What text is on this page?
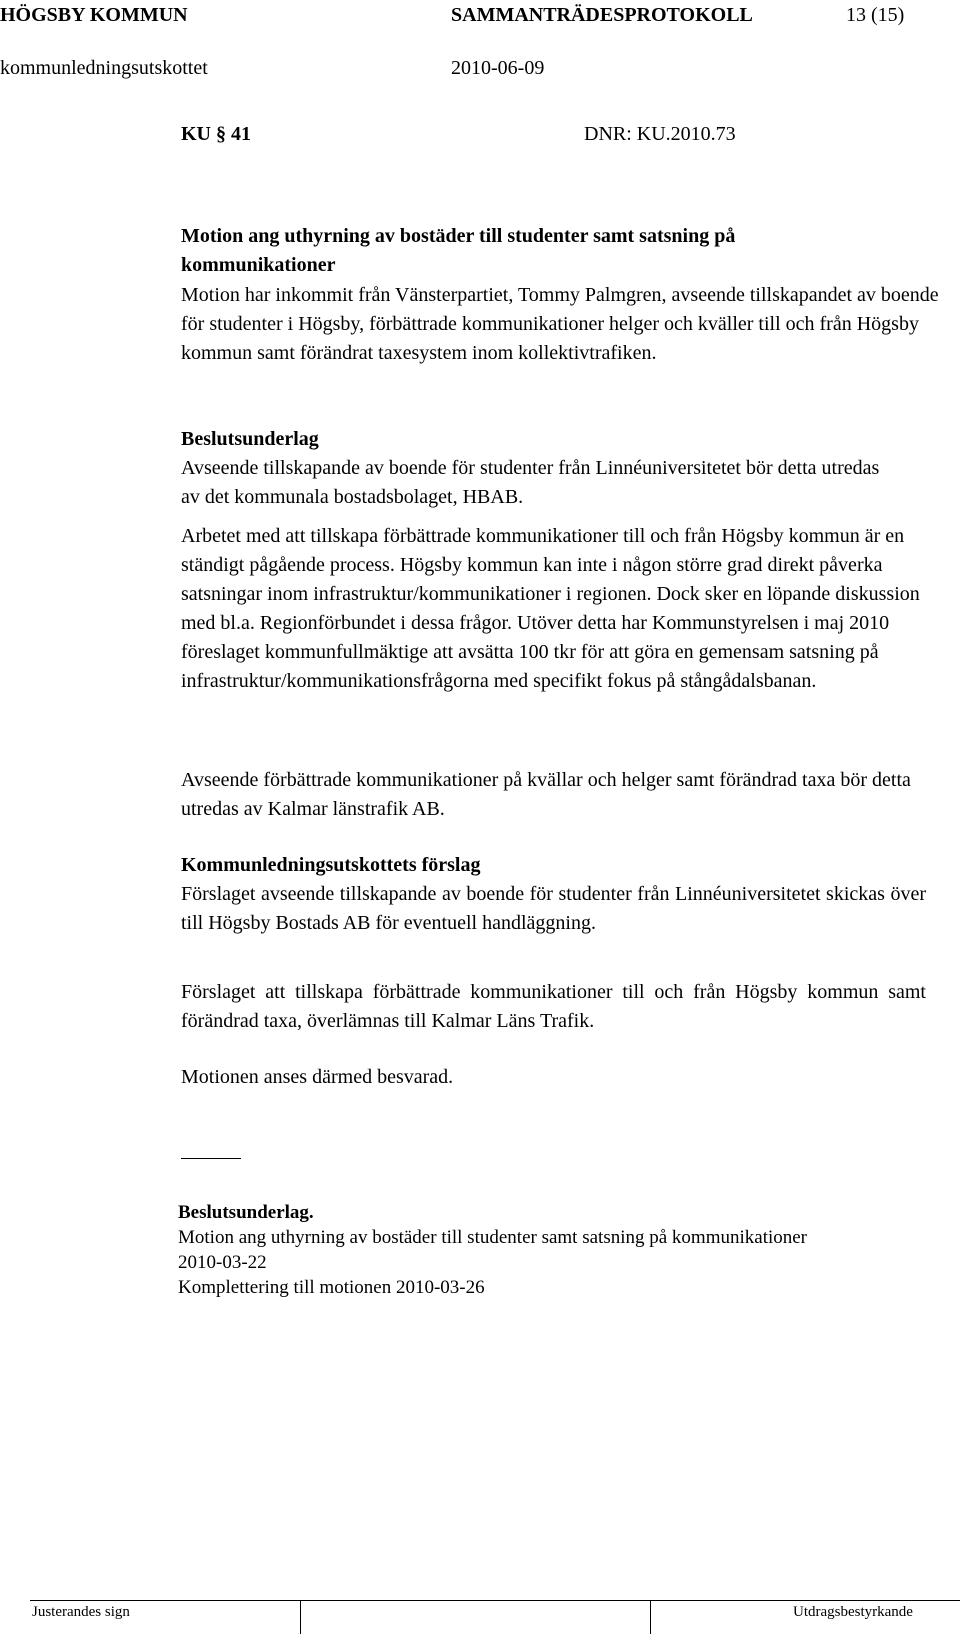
HÖGSBY KOMMUN	SAMMANTRÄDESPROTOKOLL	13 (15)
kommunledningsutskottet	2010-06-09
KU § 41	DNR: KU.2010.73
Motion ang uthyrning av bostäder till studenter samt satsning på kommunikationer
Motion har inkommit från Vänsterpartiet, Tommy Palmgren, avseende tillskapandet av boende för studenter i Högsby, förbättrade kommunikationer helger och kväller till och från Högsby kommun samt förändrat taxesystem inom kollektivtrafiken.
Beslutsunderlag
Avseende tillskapande av boende för studenter från Linnéuniversitetet bör detta utredas av det kommunala bostadsbolaget, HBAB.
Arbetet med att tillskapa förbättrade kommunikationer till och från Högsby kommun är en ständigt pågående process. Högsby kommun kan inte i någon större grad direkt påverka satsningar inom infrastruktur/kommunikationer i regionen. Dock sker en löpande diskussion med bl.a. Regionförbundet i dessa frågor. Utöver detta har Kommunstyrelsen i maj 2010 föreslaget kommunfullmäktige att avsätta 100 tkr för att göra en gemensam satsning på infrastruktur/kommunikationsfrågorna med specifikt fokus på stångådalsbanan.
Avseende förbättrade kommunikationer på kvällar och helger samt förändrad taxa bör detta utredas av Kalmar länstrafik AB.
Kommunledningsutskottets förslag
Förslaget avseende tillskapande av boende för studenter från Linnéuniversitetet skickas över till Högsby Bostads AB för eventuell handläggning.
Förslaget att tillskapa förbättrade kommunikationer till och från Högsby kommun samt förändrad taxa, överlämnas till Kalmar Läns Trafik.
Motionen anses därmed besvarad.
Beslutsunderlag.
Motion ang uthyrning av bostäder till studenter samt satsning på kommunikationer
2010-03-22
Komplettering till motionen 2010-03-26
Justerandes sign	Utdragsbestyrkande
